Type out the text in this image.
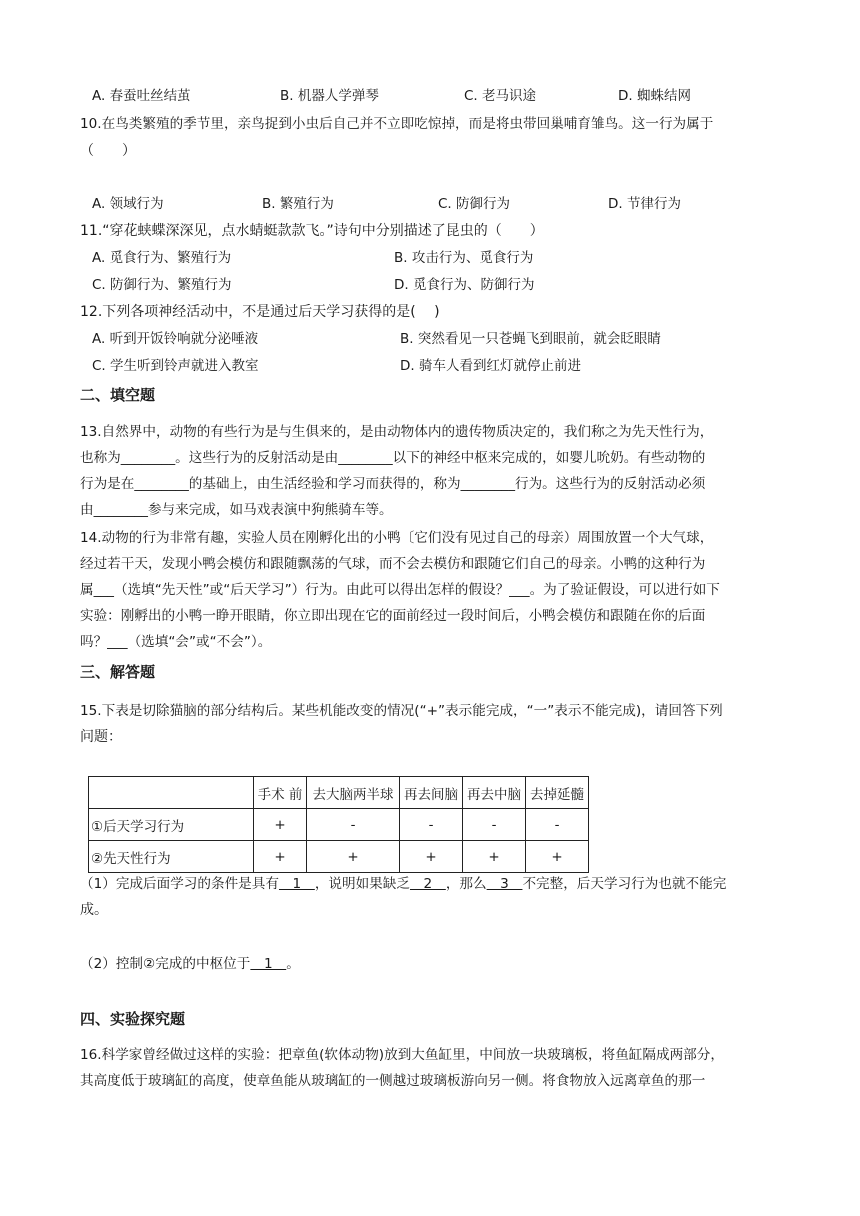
A. 春蚕吐丝结茧	B. 机器人学弹琴	C. 老马识途	D. 蜘蛛结网
10.在鸟类繁殖的季节里，亲鸟捉到小虫后自己并不立即吃惊掉，而是将虫带回巢哺育雏鸟。这一行为属于
（　　）
A. 领域行为	B. 繁殖行为	C. 防御行为	D. 节律行为
11.“穿花蛱蝶深深见，点水蜻蜓款款飞。”诗句中分别描述了昆虫的（　　）
A. 觅食行为、繁殖行为	B. 攻击行为、觅食行为
C. 防御行为、繁殖行为	D. 觅食行为、防御行为
12.下列各项神经活动中，不是通过后天学习获得的是(　 )
A. 听到开饭铃响就分泌唾液	B. 突然看见一只苍蝇飞到眼前，就会眨眼睛
C. 学生听到铃声就进入教室	D. 骑车人看到红灯就停止前进
二、填空题
13.自然界中，动物的有些行为是与生俱来的，是由动物体内的遗传物质决定的，我们称之为先天性行为，
也称为________。这些行为的反射活动是由________以下的神经中枢来完成的，如婴儿吮奶。有些动物的
行为是在________的基础上，由生活经验和学习而获得的，称为________行为。这些行为的反射活动必须
由________参与来完成，如马戏表演中狗熊骑车等。
14.动物的行为非常有趣，实验人员在刚孵化出的小鸭〔它们没有见过自己的母亲）周围放置一个大气球，
经过若干天，发现小鸭会模仿和跟随飘荡的气球，而不会去模仿和跟随它们自己的母亲。小鸭的这种行为
属___（选填“先天性”或“后天学习”）行为。由此可以得出怎样的假设？___。为了验证假设，可以进行如下
实验：刚孵出的小鸭一睁开眼睛，你立即出现在它的面前经过一段时间后，小鸭会模仿和跟随在你的后面
吗？___（选填“会”或“不会”）。
三、解答题
15.下表是切除猫脑的部分结构后。某些机能改变的情况(“+”表示能完成，“一”表示不能完成)，请回答下列
问题：
	手术 前	去大脑两半球	再去间脑	再去中脑	去掉延髓
①后天学习行为	+	-	-	-	-
②先天性行为	+	+	+	+	+
（1）完成后面学习的条件是具有　1　，说明如果缺乏　2　，那么　3　不完整，后天学习行为也就不能完
成。
（2）控制②完成的中枢位于　1　。
四、实验探究题
16.科学家曾经做过这样的实验：把章鱼(软体动物)放到大鱼缸里，中间放一块玻璃板，将鱼缸隔成两部分，
其高度低于玻璃缸的高度，使章鱼能从玻璃缸的一侧越过玻璃板游向另一侧。将食物放入远离章鱼的那一
